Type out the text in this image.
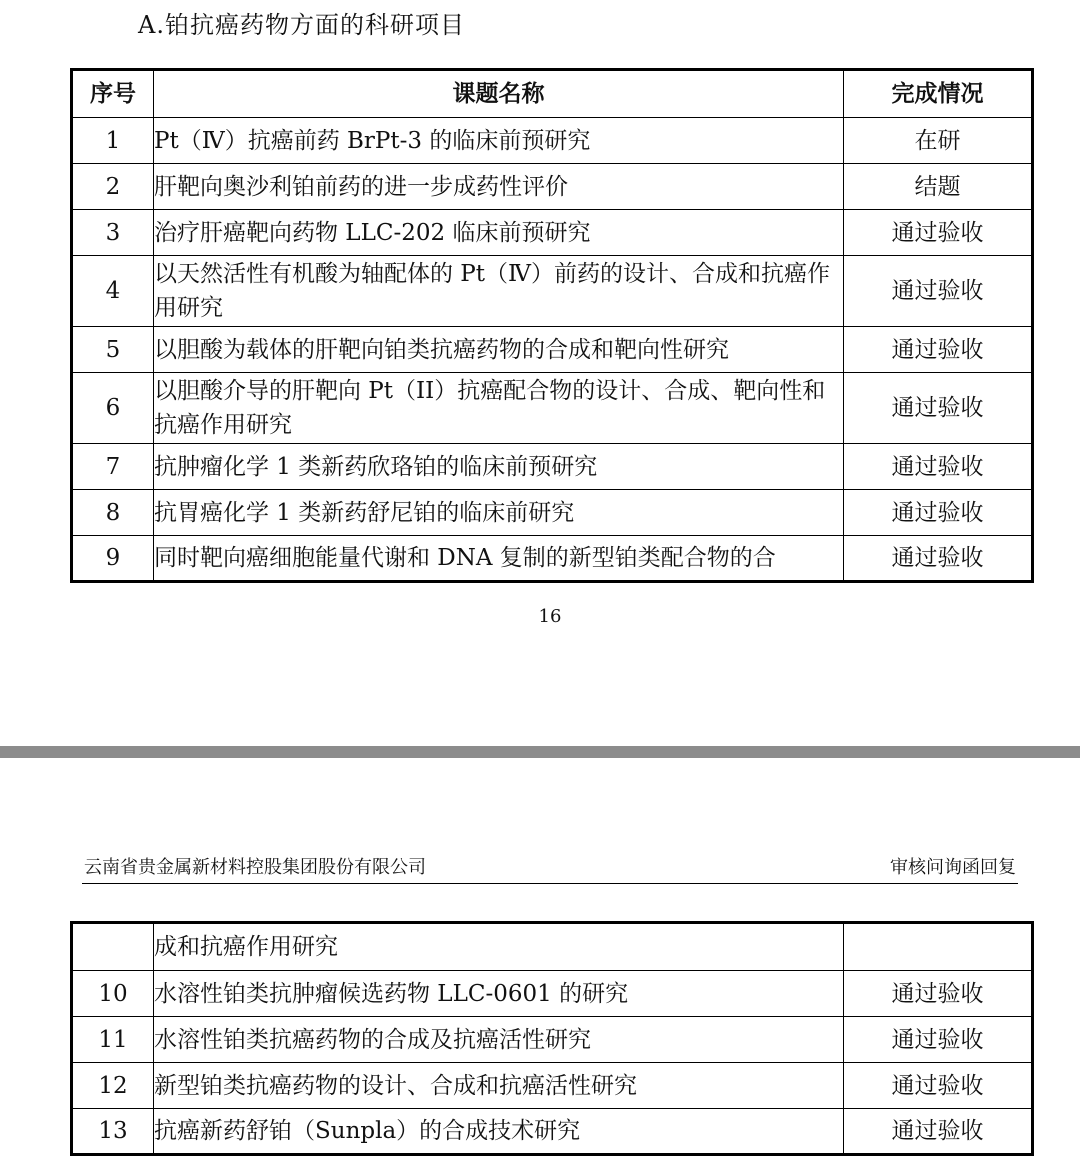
A.铂抗癌药物方面的科研项目
序号	课题名称	完成情况
1	Pt（Ⅳ）抗癌前药 BrPt-3 的临床前预研究	在研
2	肝靶向奥沙利铂前药的进一步成药性评价	结题
3	治疗肝癌靶向药物 LLC-202 临床前预研究	通过验收
4	以天然活性有机酸为轴配体的 Pt（Ⅳ）前药的设计、合成和抗癌作用研究	通过验收
5	以胆酸为载体的肝靶向铂类抗癌药物的合成和靶向性研究	通过验收
6	以胆酸介导的肝靶向 Pt（II）抗癌配合物的设计、合成、靶向性和抗癌作用研究	通过验收
7	抗肿瘤化学 1 类新药欣珞铂的临床前预研究	通过验收
8	抗胃癌化学 1 类新药舒尼铂的临床前研究	通过验收
9	同时靶向癌细胞能量代谢和 DNA 复制的新型铂类配合物的合	通过验收
16
云南省贵金属新材料控股集团股份有限公司	审核问询函回复
	成和抗癌作用研究	
10	水溶性铂类抗肿瘤候选药物 LLC-0601 的研究	通过验收
11	水溶性铂类抗癌药物的合成及抗癌活性研究	通过验收
12	新型铂类抗癌药物的设计、合成和抗癌活性研究	通过验收
13	抗癌新药舒铂（Sunpla）的合成技术研究	通过验收
